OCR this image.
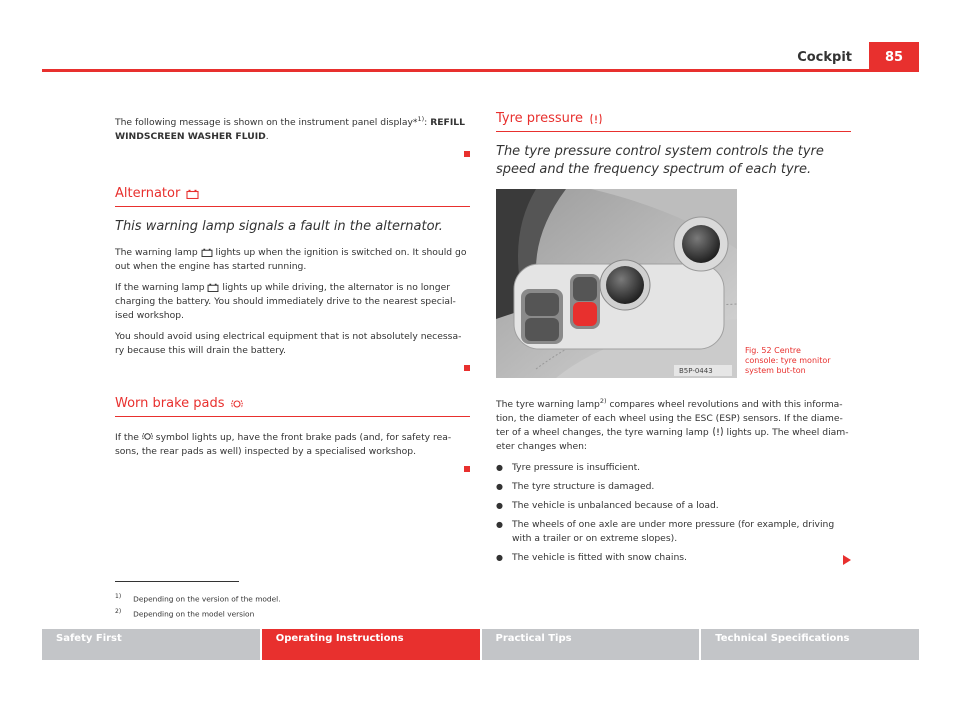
Cockpit	85

The following message is shown on the instrument panel display*$^{1)}$: REFILL WINDSCREEN WASHER FLUID.

Alternator
This warning lamp signals a fault in the alternator.

The warning lamp  lights up when the ignition is switched on. It should go out when the engine has started running.

If the warning lamp  lights up while driving, the alternator is no longer charging the battery. You should immediately drive to the nearest special-ised workshop.

You should avoid using electrical equipment that is not absolutely necessa-ry because this will drain the battery.

Worn brake pads

If the  symbol lights up, have the front brake pads (and, for safety rea-sons, the rear pads as well) inspected by a specialised workshop.

Tyre pressure
The tyre pressure control system controls the tyre speed and the frequency spectrum of each tyre.
B5P-0443
Fig. 52 Centre console: tyre monitor system but-ton

The tyre warning lamp$^{2)}$ compares wheel revolutions and with this informa-tion, the diameter of each wheel using the ESC (ESP) sensors. If the diame-ter of a wheel changes, the tyre warning lamp  lights up. The wheel diam-eter changes when:

● Tyre pressure is insufficient.
● The tyre structure is damaged.
● The vehicle is unbalanced because of a load.
● The wheels of one axle are under more pressure (for example, driving with a trailer or on extreme slopes).
● The vehicle is fitted with snow chains.
$^{1)}$ Depending on the version of the model.
$^{2)}$ Depending on the model version
Safety First	Operating Instructions	Practical Tips	Technical Specifications
